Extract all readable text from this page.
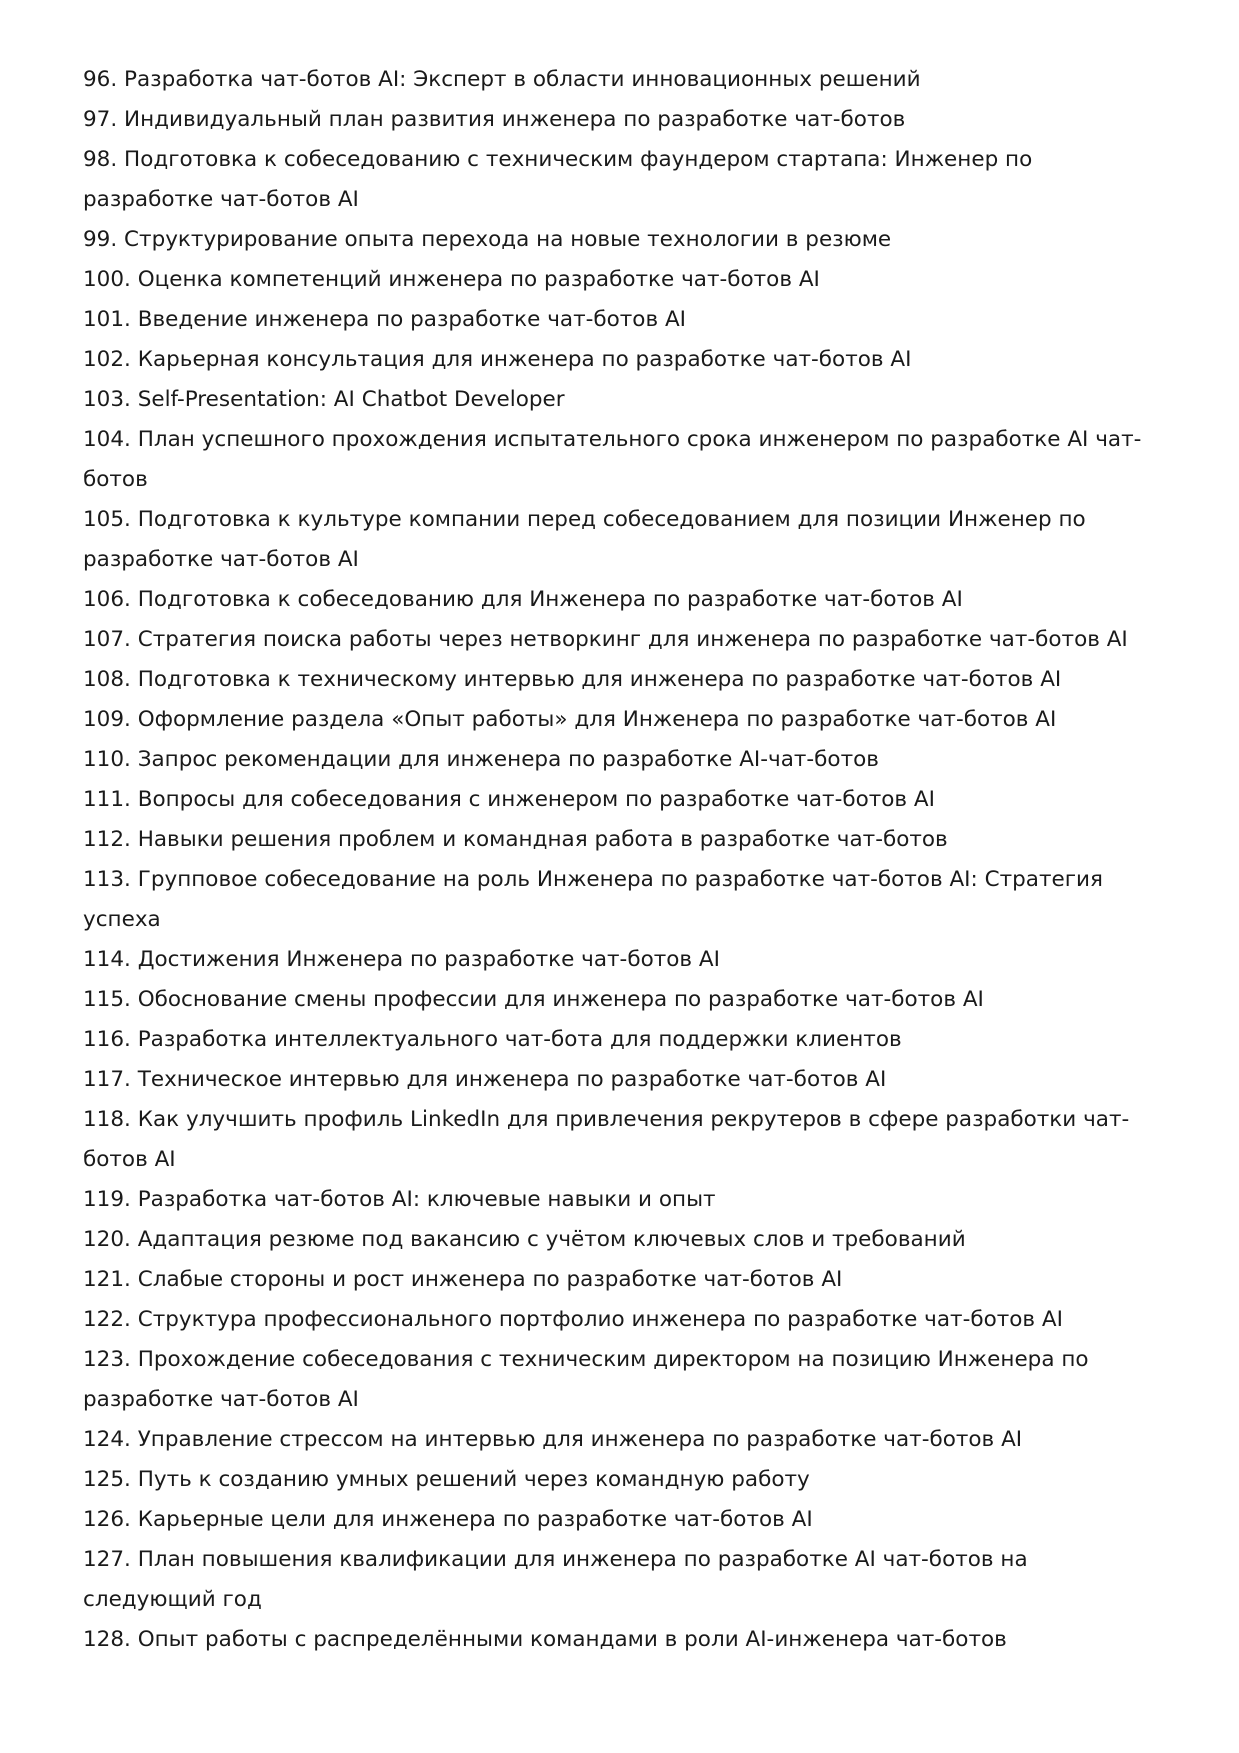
96. Разработка чат-ботов AI: Эксперт в области инновационных решений
97. Индивидуальный план развития инженера по разработке чат-ботов
98. Подготовка к собеседованию с техническим фаундером стартапа: Инженер по разработке чат-ботов AI
99. Структурирование опыта перехода на новые технологии в резюме
100. Оценка компетенций инженера по разработке чат-ботов AI
101. Введение инженера по разработке чат-ботов AI
102. Карьерная консультация для инженера по разработке чат-ботов AI
103. Self-Presentation: AI Chatbot Developer
104. План успешного прохождения испытательного срока инженером по разработке AI чат-ботов
105. Подготовка к культуре компании перед собеседованием для позиции Инженер по разработке чат-ботов AI
106. Подготовка к собеседованию для Инженера по разработке чат-ботов AI
107. Стратегия поиска работы через нетворкинг для инженера по разработке чат-ботов AI
108. Подготовка к техническому интервью для инженера по разработке чат-ботов AI
109. Оформление раздела «Опыт работы» для Инженера по разработке чат-ботов AI
110. Запрос рекомендации для инженера по разработке AI-чат-ботов
111. Вопросы для собеседования с инженером по разработке чат-ботов AI
112. Навыки решения проблем и командная работа в разработке чат-ботов
113. Групповое собеседование на роль Инженера по разработке чат-ботов AI: Стратегия успеха
114. Достижения Инженера по разработке чат-ботов AI
115. Обоснование смены профессии для инженера по разработке чат-ботов AI
116. Разработка интеллектуального чат-бота для поддержки клиентов
117. Техническое интервью для инженера по разработке чат-ботов AI
118. Как улучшить профиль LinkedIn для привлечения рекрутеров в сфере разработки чат-ботов AI
119. Разработка чат-ботов AI: ключевые навыки и опыт
120. Адаптация резюме под вакансию с учётом ключевых слов и требований
121. Слабые стороны и рост инженера по разработке чат-ботов AI
122. Структура профессионального портфолио инженера по разработке чат-ботов AI
123. Прохождение собеседования с техническим директором на позицию Инженера по разработке чат-ботов AI
124. Управление стрессом на интервью для инженера по разработке чат-ботов AI
125. Путь к созданию умных решений через командную работу
126. Карьерные цели для инженера по разработке чат-ботов AI
127. План повышения квалификации для инженера по разработке AI чат-ботов на следующий год
128. Опыт работы с распределёнными командами в роли AI-инженера чат-ботов
